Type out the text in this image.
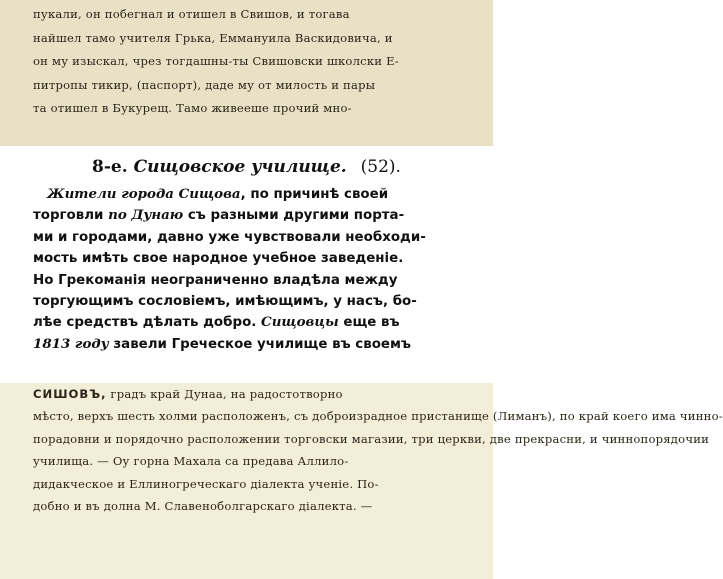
пукали, он побегнал и отишел в Свишов, и тогава
найшел тамо учителя Грька, Еммануила Васкидовича, и
он му изыскал, чрез тогдашны-ты Свишовски школски Е-
питропы тикир, (паспорт), даде му от милость и пары
та отишел в Букурещ. Тамо живееше прочий мно-
8-е. Сищовское училище. (52).
Жители города Сищова, по причинѣ своей
торговли по Дунаю съ разными другими порта-
ми и городами, давно уже чувствовали необходи-
мость имѣть свое народное учебное заведеніе.
Но Грекоманія неограниченно владѣла между
торгующимъ сословіемъ, имѣющимъ, у насъ, бо-
лѣе средствъ дѣлать добро. Сищовцы еще въ
1813 году завели Греческое училище въ своемъ
СИШОВЪ, градъ край Дунаа, на радостотворно
мѣсто, верхъ шесть холми расположенъ, съ доброизрадное пристанище (Лиманъ), по край коего има чинно-
порадовни и порядочно расположении торговски магазии, три церкви, две прекрасни, и чиннопорядочии
училища. — Оу горна Махала са предава Аллило-
дидакческое и Еллиногреческаго діалекта ученіе. По-
добно и въ долна М. Славеноболгарскаго діалекта. —
